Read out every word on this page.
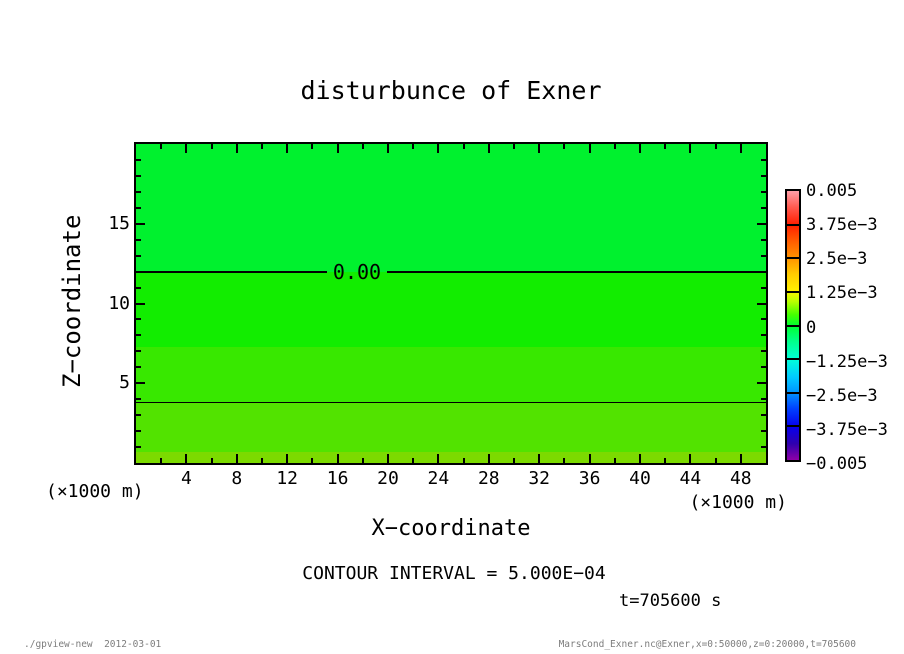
disturbunce of Exner
0.00
Z−coordinate
X−coordinate
(×1000 m)
(×1000 m)
CONTOUR INTERVAL = 5.000E−04
t=705600 s
./gpview-new  2012-03-01	MarsCond_Exner.nc@Exner,x=0:50000,z=0:20000,t=705600
4	8	12	16	20	24	28	32	36	40	44	48
5
10
15
0.005
3.75e−3
2.5e−3
1.25e−3
0
−1.25e−3
−2.5e−3
−3.75e−3
−0.005
